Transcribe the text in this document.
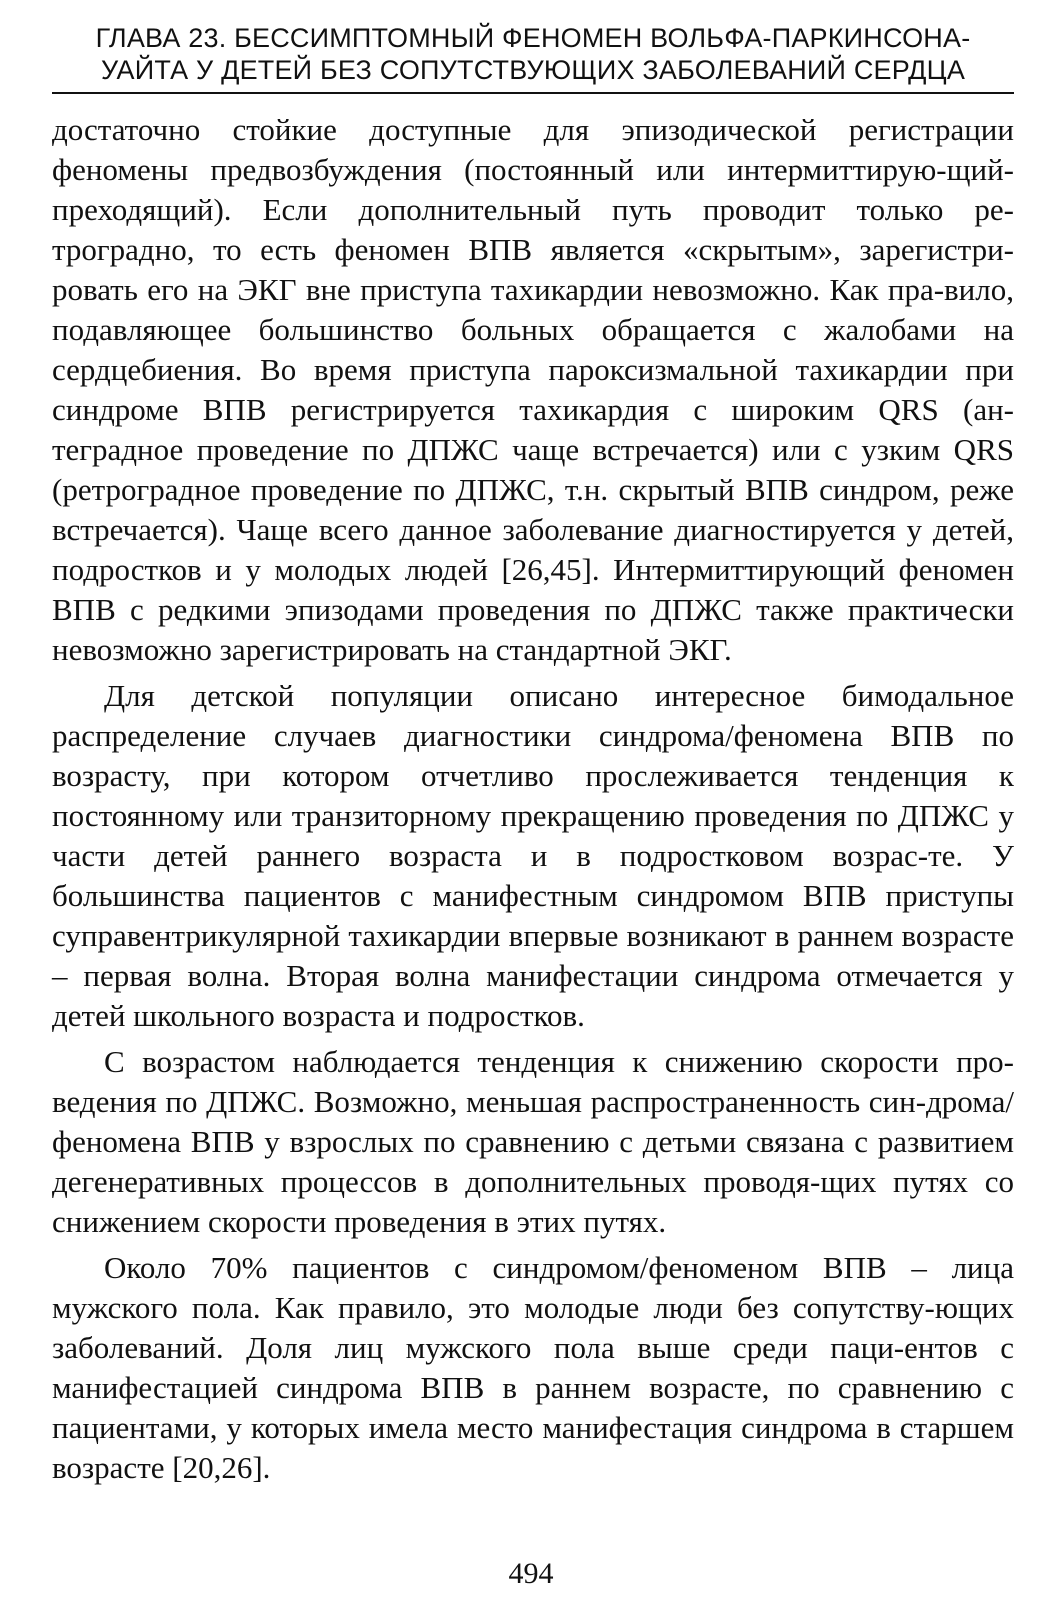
ГЛАВА 23. БЕССИМПТОМНЫЙ ФЕНОМЕН ВОЛЬФА-ПАРКИНСОНА-
УАЙТА У ДЕТЕЙ БЕЗ СОПУТСТВУЮЩИХ ЗАБОЛЕВАНИЙ СЕРДЦА

достаточно стойкие доступные для эпизодической регистрации феномены предвозбуждения (постоянный или интермиттирую-щий-преходящий). Если дополнительный путь проводит только ре-троградно, то есть феномен ВПВ является «скрытым», зарегистри-ровать его на ЭКГ вне приступа тахикардии невозможно. Как пра-вило, подавляющее большинство больных обращается с жалобами на сердцебиения. Во время приступа пароксизмальной тахикардии при синдроме ВПВ регистрируется тахикардия с широким QRS (ан-теградное проведение по ДПЖС чаще встречается) или с узким QRS (ретроградное проведение по ДПЖС, т.н. скрытый ВПВ синдром, реже встречается). Чаще всего данное заболевание диагностируется у детей, подростков и у молодых людей [26,45]. Интермиттирующий феномен ВПВ с редкими эпизодами проведения по ДПЖС также практически невозможно зарегистрировать на стандартной ЭКГ.

Для детской популяции описано интересное бимодальное распределение случаев диагностики синдрома/феномена ВПВ по возрасту, при котором отчетливо прослеживается тенденция к постоянному или транзиторному прекращению проведения по ДПЖС у части детей раннего возраста и в подростковом возрас-те. У большинства пациентов с манифестным синдромом ВПВ приступы суправентрикулярной тахикардии впервые возникают в раннем возрасте – первая волна. Вторая волна манифестации синдрома отмечается у детей школьного возраста и подростков.

С возрастом наблюдается тенденция к снижению скорости про-ведения по ДПЖС. Возможно, меньшая распространенность син-дрома/феномена ВПВ у взрослых по сравнению с детьми связана с развитием дегенеративных процессов в дополнительных проводя-щих путях со снижением скорости проведения в этих путях.

Около 70% пациентов с синдромом/феноменом ВПВ – лица мужского пола. Как правило, это молодые люди без сопутству-ющих заболеваний. Доля лиц мужского пола выше среди паци-ентов с манифестацией синдрома ВПВ в раннем возрасте, по сравнению с пациентами, у которых имела место манифестация синдрома в старшем возрасте [20,26].

494
